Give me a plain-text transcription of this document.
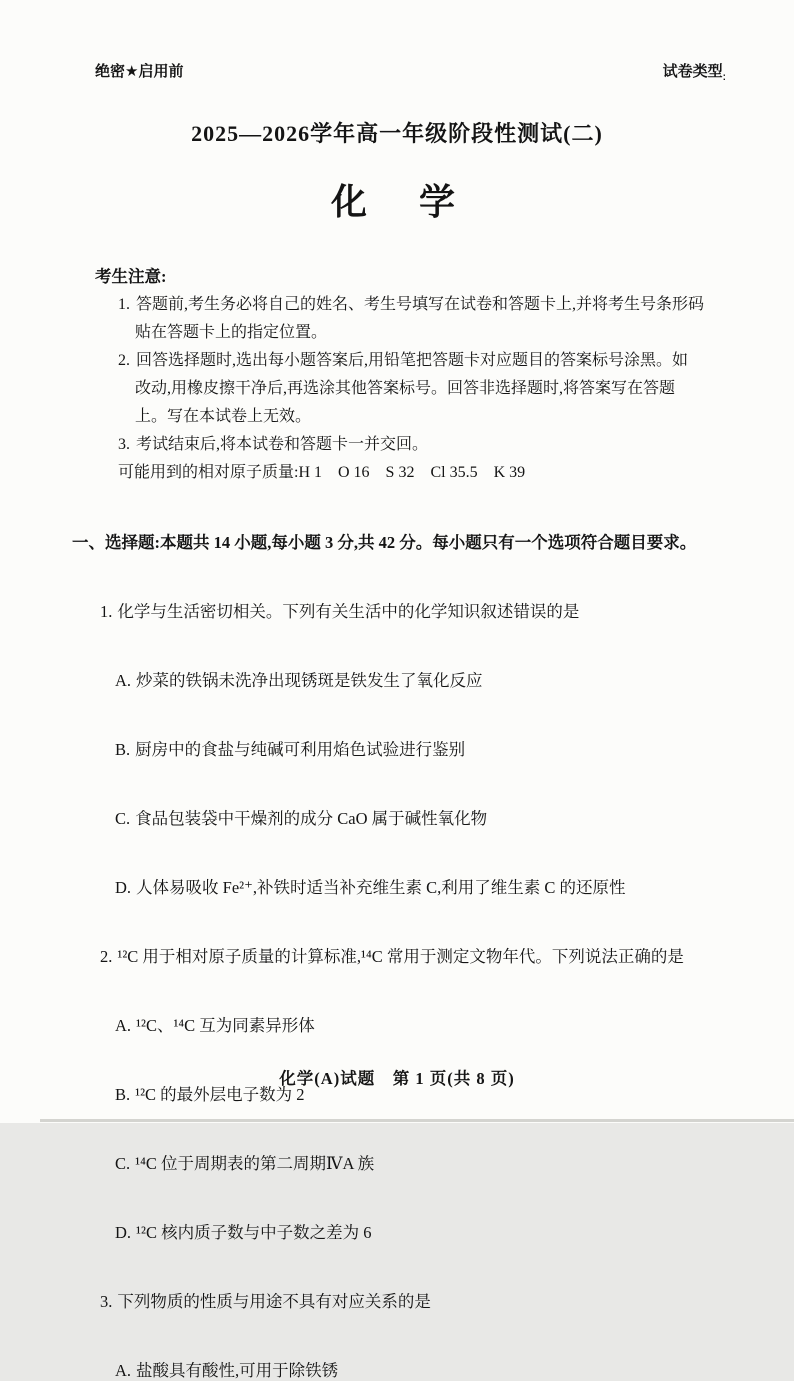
绝密★启用前	试卷类型$_:$
2025—2026学年高一年级阶段性测试(二)
化　学
考生注意:
1. 答题前,考生务必将自己的姓名、考生号填写在试卷和答题卡上,并将考生号条形码
贴在答题卡上的指定位置。
2. 回答选择题时,选出每小题答案后,用铅笔把答题卡对应题目的答案标号涂黑。如
改动,用橡皮擦干净后,再选涂其他答案标号。回答非选择题时,将答案写在答题
上。写在本试卷上无效。
3. 考试结束后,将本试卷和答题卡一并交回。
可能用到的相对原子质量:H 1　O 16　S 32　Cl 35.5　K 39
一、选择题:本题共 14 小题,每小题 3 分,共 42 分。每小题只有一个选项符合题目要求。
1. 化学与生活密切相关。下列有关生活中的化学知识叙述错误的是
A. 炒菜的铁锅未洗净出现锈斑是铁发生了氧化反应
B. 厨房中的食盐与纯碱可利用焰色试验进行鉴别
C. 食品包装袋中干燥剂的成分 CaO 属于碱性氧化物
D. 人体易吸收 Fe²⁺,补铁时适当补充维生素 C,利用了维生素 C 的还原性
2. ¹²C 用于相对原子质量的计算标准,¹⁴C 常用于测定文物年代。下列说法正确的是
A. ¹²C、¹⁴C 互为同素异形体
B. ¹²C 的最外层电子数为 2
C. ¹⁴C 位于周期表的第二周期ⅣA 族
D. ¹²C 核内质子数与中子数之差为 6
3. 下列物质的性质与用途不具有对应关系的是
A. 盐酸具有酸性,可用于除铁锈
化学(A)试题　第 1 页(共 8 页)
